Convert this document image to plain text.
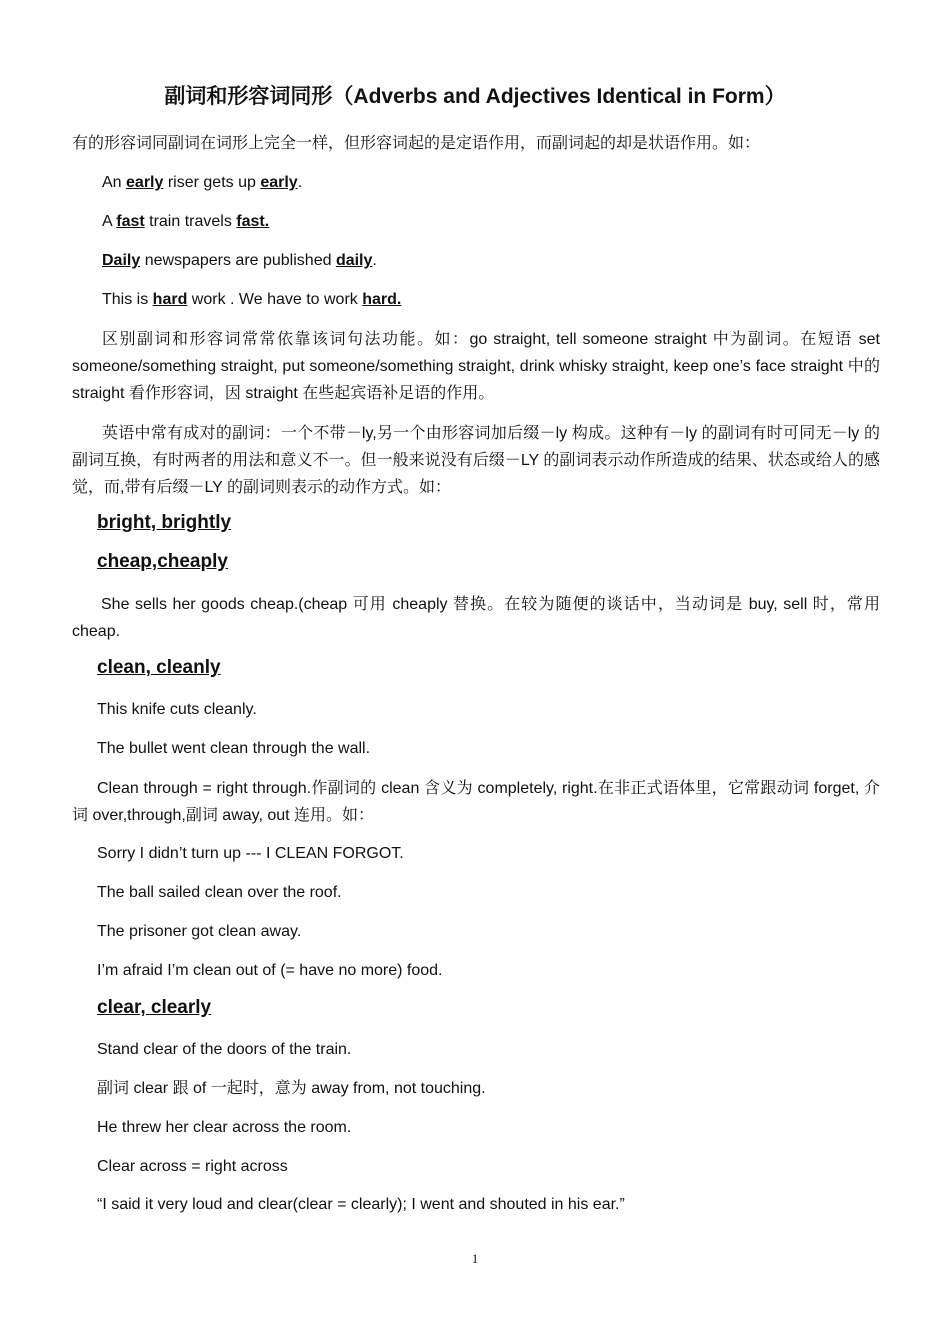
副词和形容词同形（Adverbs and Adjectives Identical in Form）
有的形容词同副词在词形上完全一样，但形容词起的是定语作用，而副词起的却是状语作用。如：
An early riser gets up early.
A fast train travels fast.
Daily newspapers are published daily.
This is hard work . We have to work hard.
区别副词和形容词常常依靠该词句法功能。如：go straight, tell someone straight 中为副词。在短语 set someone/something straight, put someone/something straight, drink whisky straight, keep one’s face straight 中的 straight 看作形容词，因 straight 在些起宾语补足语的作用。
英语中常有成对的副词：一个不带－ly,另一个由形容词加后缀－ly 构成。这种有－ly 的副词有时可同无－ly 的副词互换，有时两者的用法和意义不一。但一般来说没有后缀－LY 的副词表示动作所造成的结果、状态或给人的感觉，而,带有后缀－LY 的副词则表示的动作方式。如：
bright, brightly
cheap,cheaply
She sells her goods cheap.(cheap 可用 cheaply 替换。在较为随便的谈话中，当动词是 buy, sell 时，常用 cheap.
clean, cleanly
This knife cuts cleanly.
The bullet went clean through the wall.
Clean through = right through.作副词的 clean 含义为 completely, right.在非正式语体里，它常跟动词 forget, 介词 over,through,副词 away, out 连用。如：
Sorry I didn’t turn up --- I CLEAN FORGOT.
The ball sailed clean over the roof.
The prisoner got clean away.
I’m afraid I’m clean out of (= have no more) food.
clear, clearly
Stand clear of the doors of the train.
副词 clear 跟 of 一起时，意为 away from, not touching.
He threw her clear across the room.
Clear across = right across
“I said it very loud and clear(clear = clearly); I went and shouted in his ear.”
1
